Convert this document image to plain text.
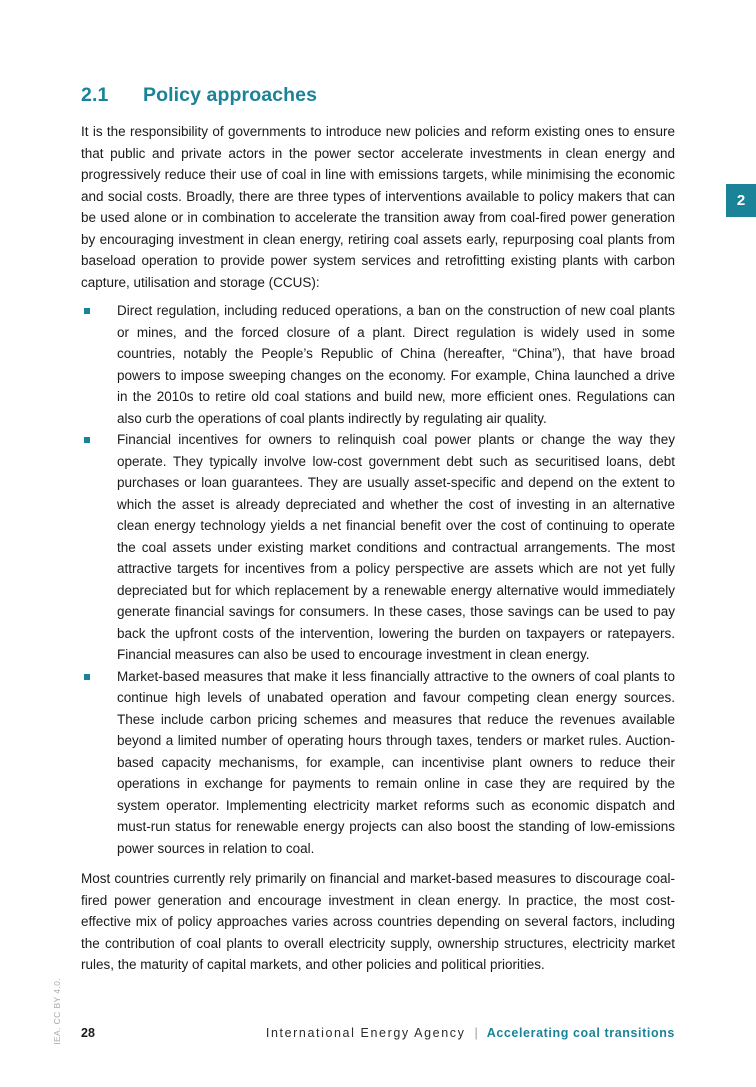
2
IEA. CC BY 4.0.
2.1 Policy approaches

It is the responsibility of governments to introduce new policies and reform existing ones to ensure that public and private actors in the power sector accelerate investments in clean energy and progressively reduce their use of coal in line with emissions targets, while minimising the economic and social costs. Broadly, there are three types of interventions available to policy makers that can be used alone or in combination to accelerate the transition away from coal-fired power generation by encouraging investment in clean energy, retiring coal assets early, repurposing coal plants from baseload operation to provide power system services and retrofitting existing plants with carbon capture, utilisation and storage (CCUS):

Direct regulation, including reduced operations, a ban on the construction of new coal plants or mines, and the forced closure of a plant. Direct regulation is widely used in some countries, notably the People’s Republic of China (hereafter, “China”), that have broad powers to impose sweeping changes on the economy. For example, China launched a drive in the 2010s to retire old coal stations and build new, more efficient ones. Regulations can also curb the operations of coal plants indirectly by regulating air quality.
Financial incentives for owners to relinquish coal power plants or change the way they operate. They typically involve low-cost government debt such as securitised loans, debt purchases or loan guarantees. They are usually asset-specific and depend on the extent to which the asset is already depreciated and whether the cost of investing in an alternative clean energy technology yields a net financial benefit over the cost of continuing to operate the coal assets under existing market conditions and contractual arrangements. The most attractive targets for incentives from a policy perspective are assets which are not yet fully depreciated but for which replacement by a renewable energy alternative would immediately generate financial savings for consumers. In these cases, those savings can be used to pay back the upfront costs of the intervention, lowering the burden on taxpayers or ratepayers. Financial measures can also be used to encourage investment in clean energy.
Market-based measures that make it less financially attractive to the owners of coal plants to continue high levels of unabated operation and favour competing clean energy sources. These include carbon pricing schemes and measures that reduce the revenues available beyond a limited number of operating hours through taxes, tenders or market rules. Auction-based capacity mechanisms, for example, can incentivise plant owners to reduce their operations in exchange for payments to remain online in case they are required by the system operator. Implementing electricity market reforms such as economic dispatch and must-run status for renewable energy projects can also boost the standing of low-emissions power sources in relation to coal.

Most countries currently rely primarily on financial and market-based measures to discourage coal-fired power generation and encourage investment in clean energy. In practice, the most cost-effective mix of policy approaches varies across countries depending on several factors, including the contribution of coal plants to overall electricity supply, ownership structures, electricity market rules, the maturity of capital markets, and other policies and political priorities.

28	International Energy Agency | Accelerating coal transitions
